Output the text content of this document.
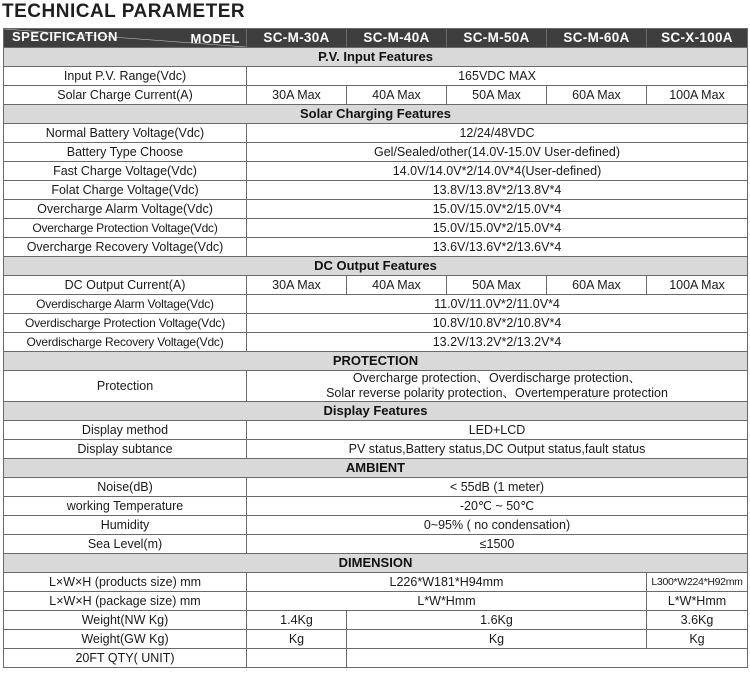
TECHNICAL PARAMETER
MODEL
SPECIFICATION	SC-M-30A	SC-M-40A	SC-M-50A	SC-M-60A	SC-X-100A
P.V. Input Features					
Input P.V. Range(Vdc)	165VDC MAX				
Solar Charge Current(A)	30A Max	40A Max	50A Max	60A Max	100A Max
Solar Charging Features					
Normal Battery Voltage(Vdc)	12/24/48VDC				
Battery Type Choose	Gel/Sealed/other(14.0V-15.0V User-defined)				
Fast Charge Voltage(Vdc)	14.0V/14.0V*2/14.0V*4(User-defined)				
Folat Charge Voltage(Vdc)	13.8V/13.8V*2/13.8V*4				
Overcharge Alarm Voltage(Vdc)	15.0V/15.0V*2/15.0V*4				
Overcharge Protection Voltage(Vdc)	15.0V/15.0V*2/15.0V*4				
Overcharge Recovery Voltage(Vdc)	13.6V/13.6V*2/13.6V*4				
DC Output Features					
DC Output Current(A)	30A Max	40A Max	50A Max	60A Max	100A Max
Overdischarge Alarm Voltage(Vdc)	11.0V/11.0V*2/11.0V*4				
Overdischarge Protection Voltage(Vdc)	10.8V/10.8V*2/10.8V*4				
Overdischarge Recovery Voltage(Vdc)	13.2V/13.2V*2/13.2V*4				
PROTECTION					
Protection	Overcharge protection、Overdischarge protection、
Solar reverse polarity protection、Overtemperature protection				

Display Features					
Display method	LED+LCD				
Display subtance	PV status,Battery status,DC Output status,fault status				
AMBIENT					
Noise(dB)	< 55dB (1 meter)				
working Temperature	-20℃ ~ 50℃				
Humidity	0~95% ( no condensation)				
Sea Level(m)	≤1500				
DIMENSION					
L×W×H (products size) mm	L226*W181*H94mm				L300*W224*H92mm
L×W×H (package size) mm	L*W*Hmm				L*W*Hmm
Weight(NW Kg)	1.4Kg	1.6Kg			3.6Kg
Weight(GW Kg)	Kg	Kg			Kg
20FT QTY( UNIT)					
